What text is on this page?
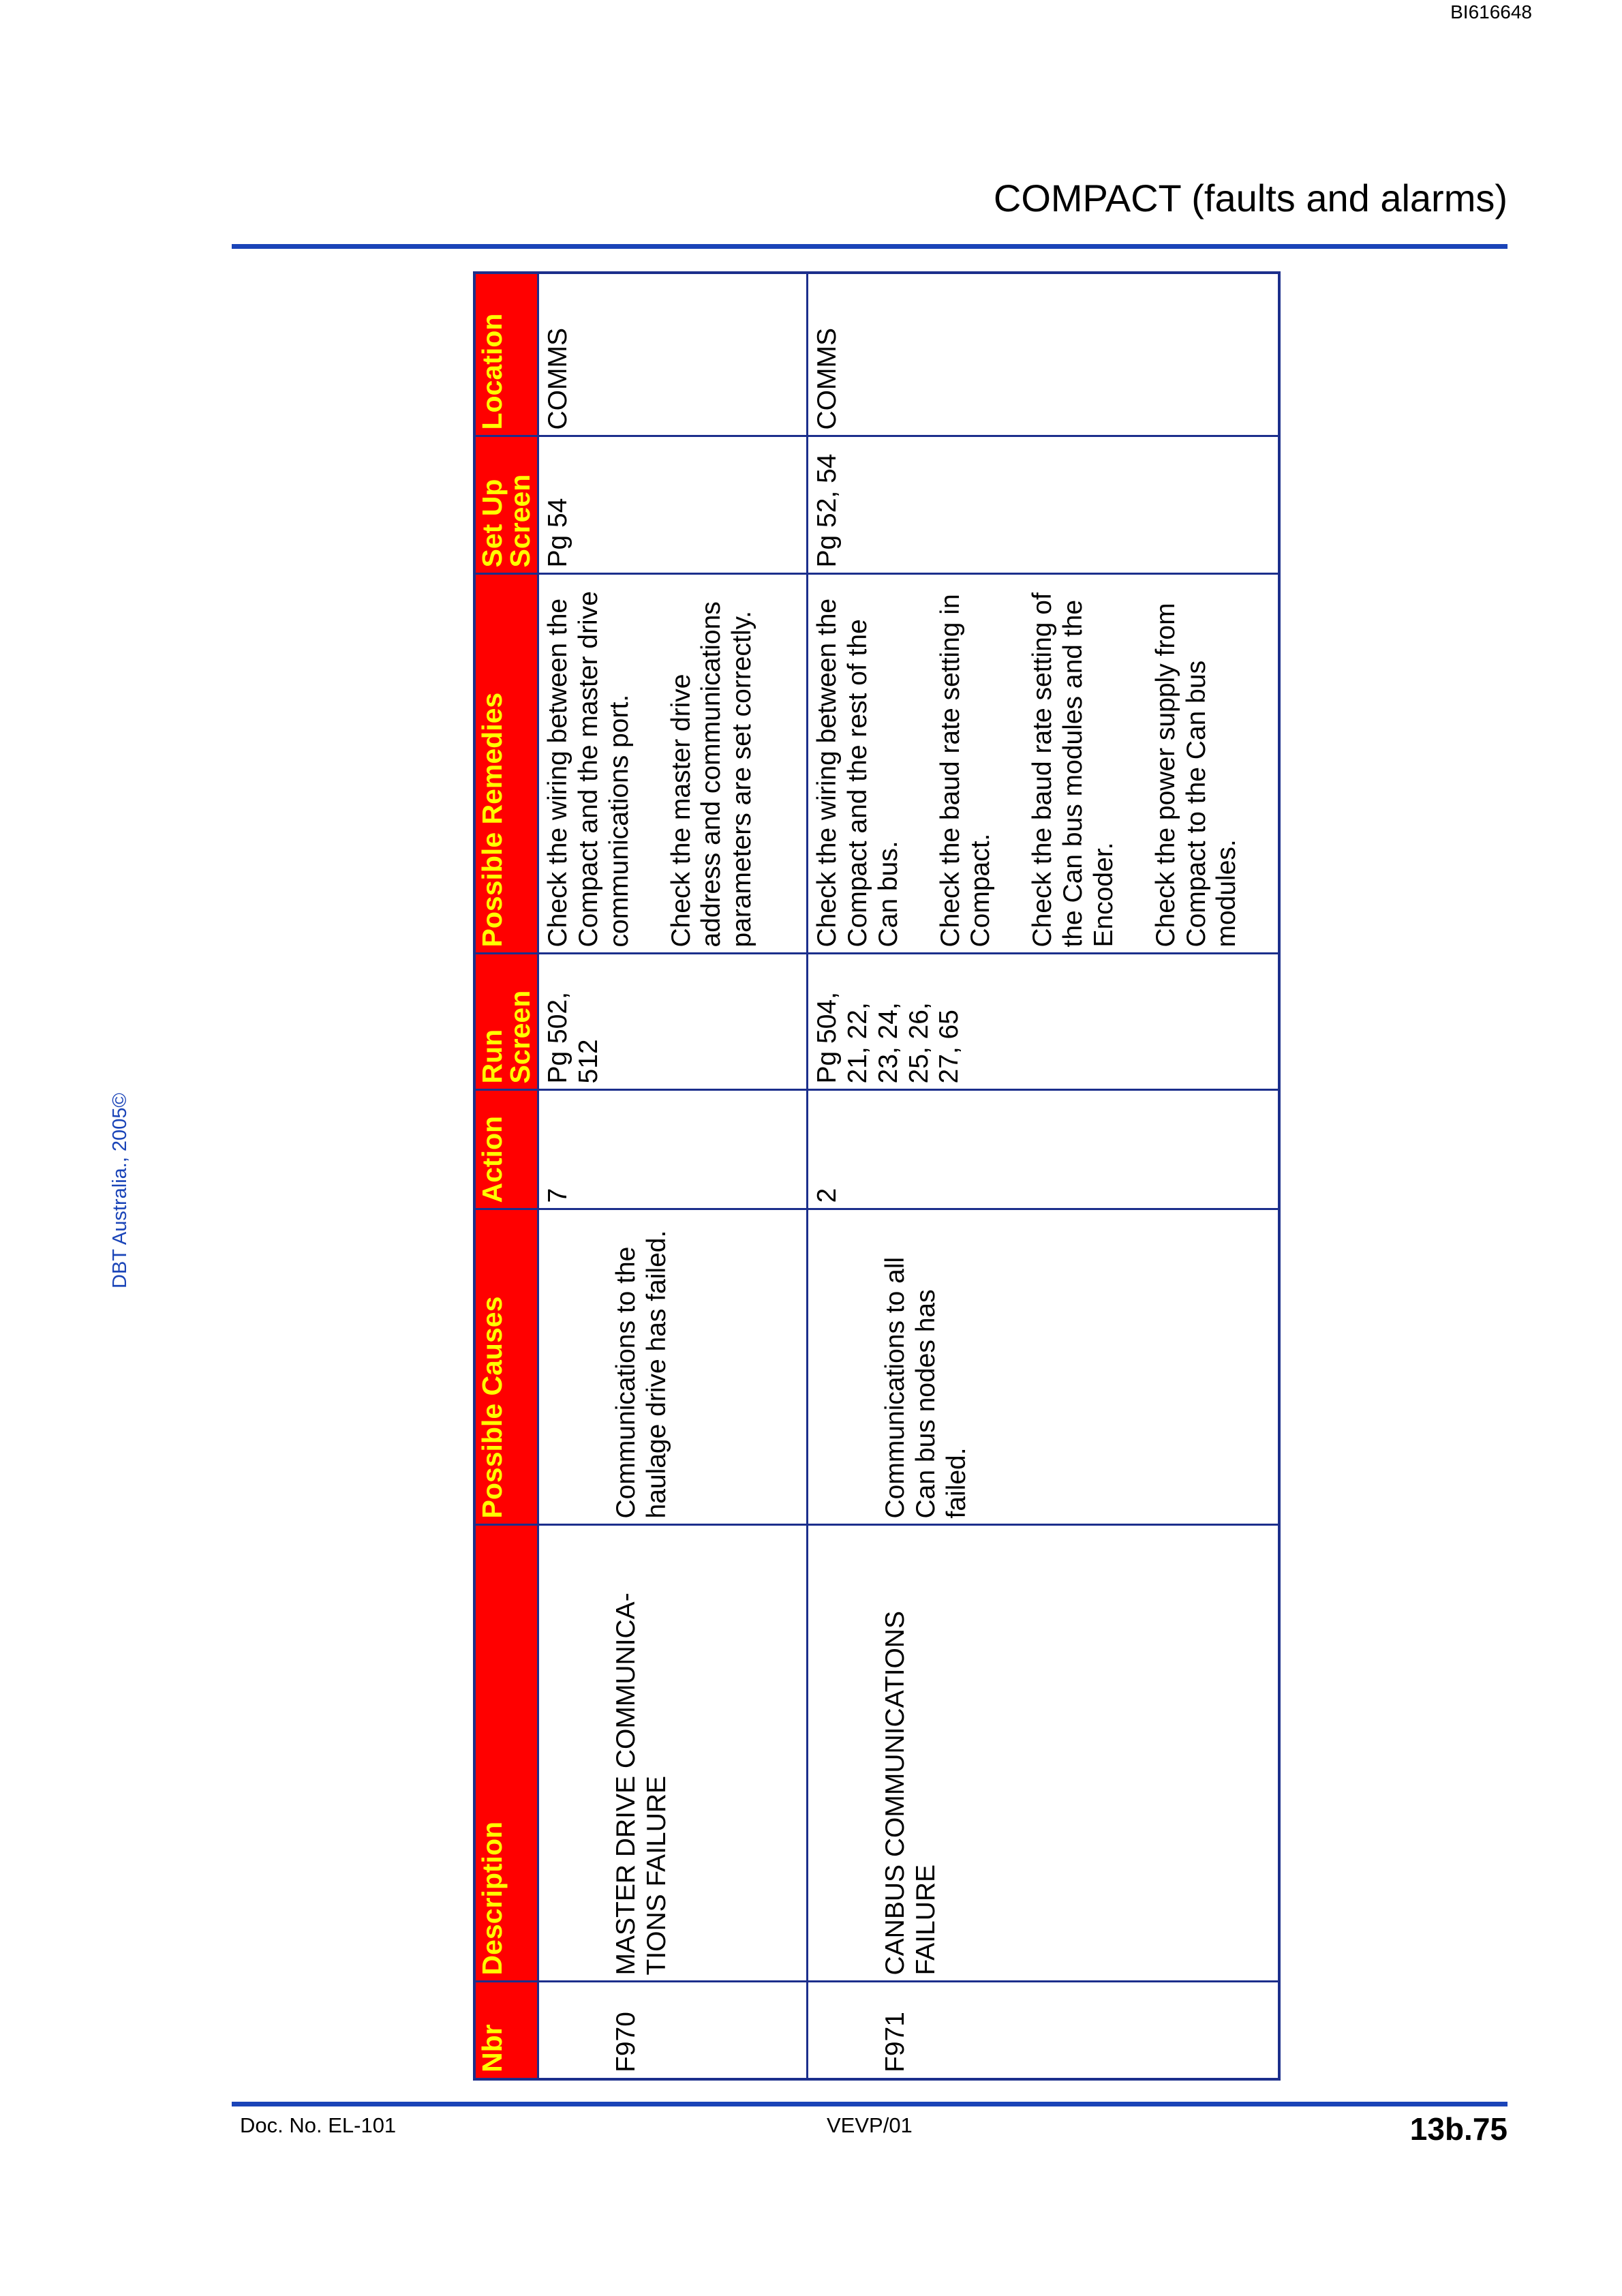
BI616648
COMPACT (faults and alarms)
DBT Australia., 2005©
Nbr	Description	Possible Causes	Action	Run Screen	Possible Remedies	Set Up Screen	Location

F970	MASTER DRIVE COMMUNICA-TIONS FAILURE	Communications to the haulage drive has failed.	7	Pg 502, 512	Check the wiring between the Compact and the master drive communications port. Check the master drive address and communications parameters are set correctly.	Pg 54	COMMS

F971	CANBUS COMMUNICATIONS FAILURE	Communications to all Can bus nodes has failed.	2	Pg 504, 21, 22, 23, 24, 25, 26, 27, 65	Check the wiring between the Compact and the rest of the Can bus. Check the baud rate setting in Compact. Check the baud rate setting of the Can bus modules and the Encoder. Check the power supply from Compact to the Can bus modules.	Pg 52, 54	COMMS
Doc. No. EL-101	VEVP/01	13b.75
